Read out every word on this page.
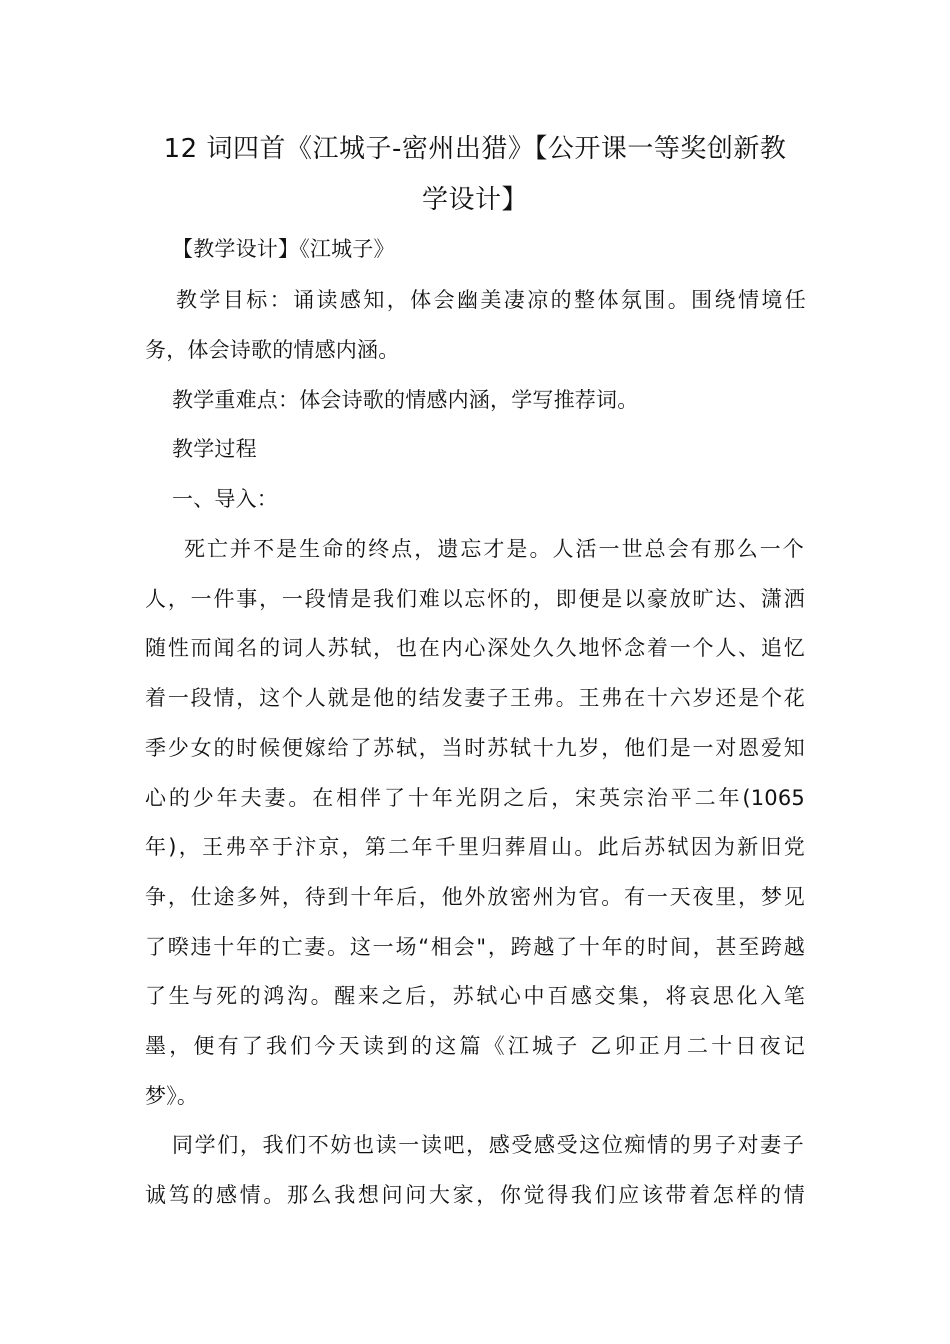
12 词四首《江城子-密州出猎》【公开课一等奖创新教
学设计】
【教学设计】《江城子》
教学目标：诵读感知，体会幽美凄凉的整体氛围。围绕情境任
务，体会诗歌的情感内涵。
教学重难点：体会诗歌的情感内涵，学写推荐词。
教学过程
一、导入：
死亡并不是生命的终点，遗忘才是。人活一世总会有那么一个
人，一件事，一段情是我们难以忘怀的，即便是以豪放旷达、潇洒
随性而闻名的词人苏轼，也在内心深处久久地怀念着一个人、追忆
着一段情，这个人就是他的结发妻子王弗。王弗在十六岁还是个花
季少女的时候便嫁给了苏轼，当时苏轼十九岁，他们是一对恩爱知
心的少年夫妻。在相伴了十年光阴之后，宋英宗治平二年(1065
年)，王弗卒于汴京，第二年千里归葬眉山。此后苏轼因为新旧党
争，仕途多舛，待到十年后，他外放密州为官。有一天夜里，梦见
了暌违十年的亡妻。这一场“相会"，跨越了十年的时间，甚至跨越
了生与死的鸿沟。醒来之后，苏轼心中百感交集，将哀思化入笔
墨，便有了我们今天读到的这篇《江城子 乙卯正月二十日夜记
梦》。
同学们，我们不妨也读一读吧，感受感受这位痴情的男子对妻子
诚笃的感情。那么我想问问大家，你觉得我们应该带着怎样的情
